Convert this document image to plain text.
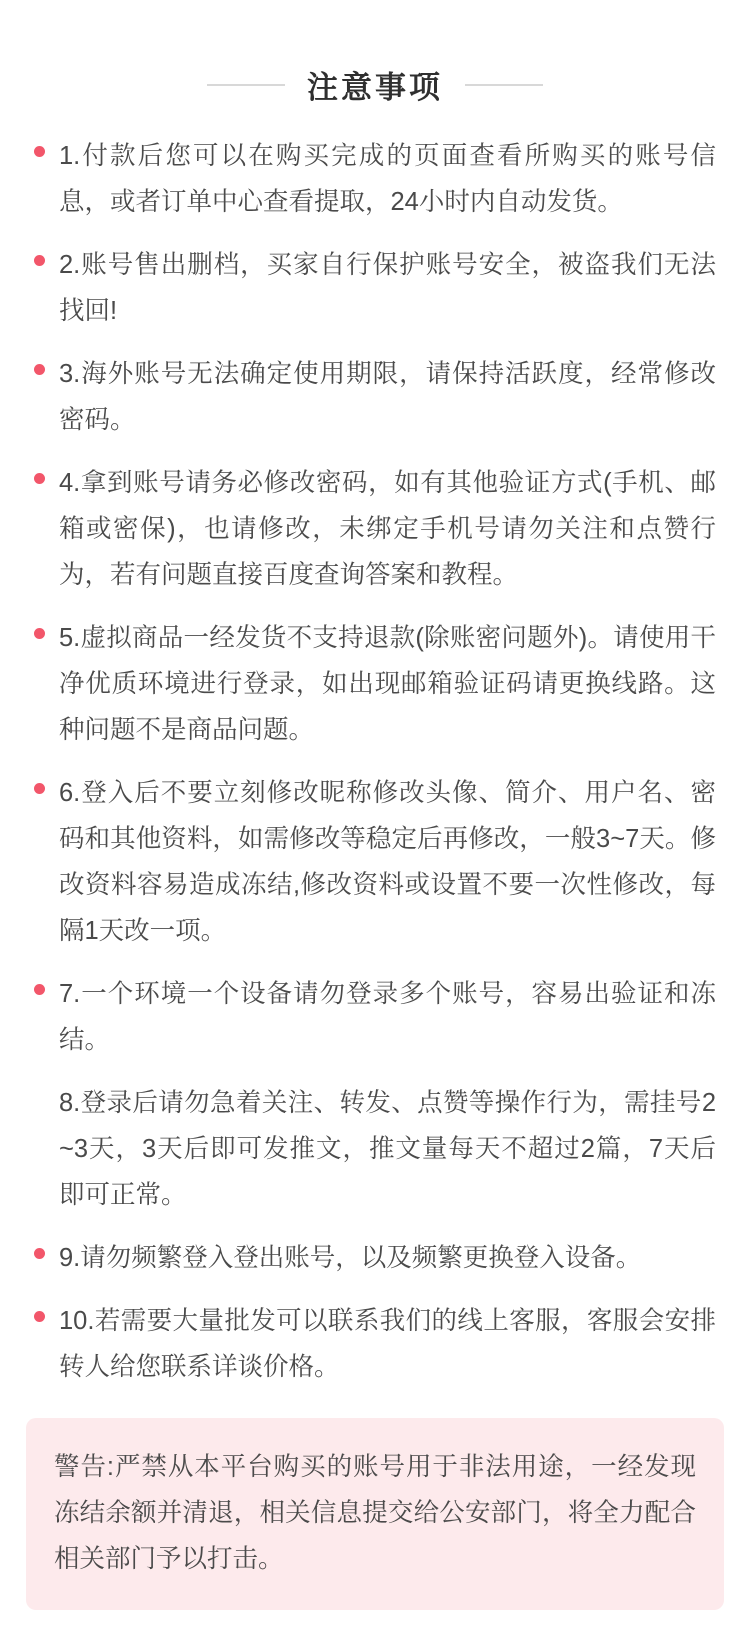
注意事项
1.付款后您可以在购买完成的页面查看所购买的账号信息，或者订单中心查看提取，24小时内自动发货。
2.账号售出删档，买家自行保护账号安全，被盗我们无法找回!
3.海外账号无法确定使用期限，请保持活跃度，经常修改密码。
4.拿到账号请务必修改密码，如有其他验证方式(手机、邮箱或密保)，也请修改，未绑定手机号请勿关注和点赞行为，若有问题直接百度查询答案和教程。
5.虚拟商品一经发货不支持退款(除账密问题外)。请使用干净优质环境进行登录，如出现邮箱验证码请更换线路。这种问题不是商品问题。
6.登入后不要立刻修改昵称修改头像、简介、用户名、密码和其他资料，如需修改等稳定后再修改，一般3~7天。修改资料容易造成冻结,修改资料或设置不要一次性修改，每隔1天改一项。
7.一个环境一个设备请勿登录多个账号，容易出验证和冻结。
8.登录后请勿急着关注、转发、点赞等操作行为，需挂号2~3天，3天后即可发推文，推文量每天不超过2篇，7天后即可正常。
9.请勿频繁登入登出账号，以及频繁更换登入设备。
10.若需要大量批发可以联系我们的线上客服，客服会安排转人给您联系详谈价格。
警告:严禁从本平台购买的账号用于非法用途，一经发现冻结余额并清退，相关信息提交给公安部门，将全力配合相关部门予以打击。
